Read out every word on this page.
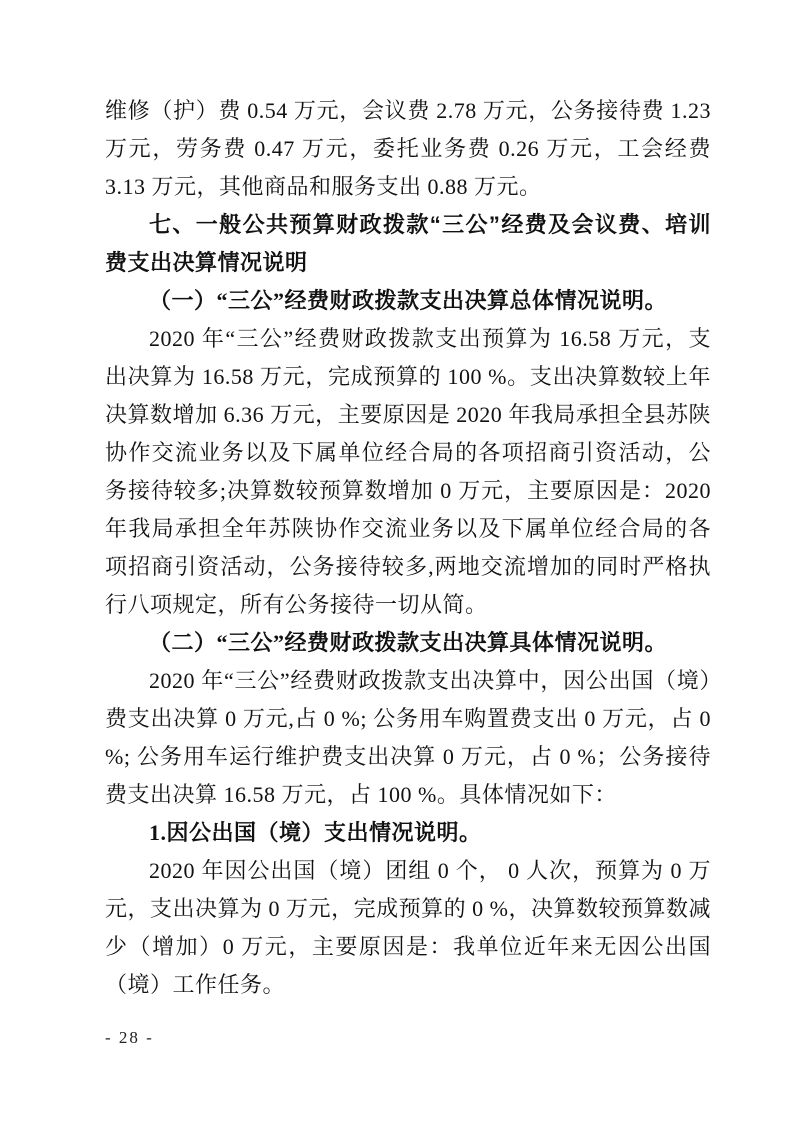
维修（护）费 0.54 万元，会议费 2.78 万元，公务接待费 1.23 万元，劳务费 0.47 万元，委托业务费 0.26 万元，工会经费 3.13 万元，其他商品和服务支出 0.88 万元。

七、一般公共预算财政拨款“三公”经费及会议费、培训费支出决算情况说明

（一）“三公”经费财政拨款支出决算总体情况说明。

2020 年“三公”经费财政拨款支出预算为 16.58 万元，支出决算为 16.58 万元，完成预算的 100 %。支出决算数较上年决算数增加 6.36 万元，主要原因是 2020 年我局承担全县苏陕协作交流业务以及下属单位经合局的各项招商引资活动，公务接待较多;决算数较预算数增加 0 万元，主要原因是：2020 年我局承担全年苏陕协作交流业务以及下属单位经合局的各项招商引资活动，公务接待较多,两地交流增加的同时严格执行八项规定，所有公务接待一切从简。

（二）“三公”经费财政拨款支出决算具体情况说明。

2020 年“三公”经费财政拨款支出决算中，因公出国（境）费支出决算 0 万元,占 0 %; 公务用车购置费支出 0 万元，占 0 %; 公务用车运行维护费支出决算 0 万元，占 0 %；公务接待费支出决算 16.58 万元，占 100 %。具体情况如下：

1.因公出国（境）支出情况说明。

2020 年因公出国（境）团组 0 个， 0 人次，预算为 0 万元，支出决算为 0 万元，完成预算的 0 %，决算数较预算数减少（增加）0 万元，主要原因是：我单位近年来无因公出国（境）工作任务。

- 28 -
